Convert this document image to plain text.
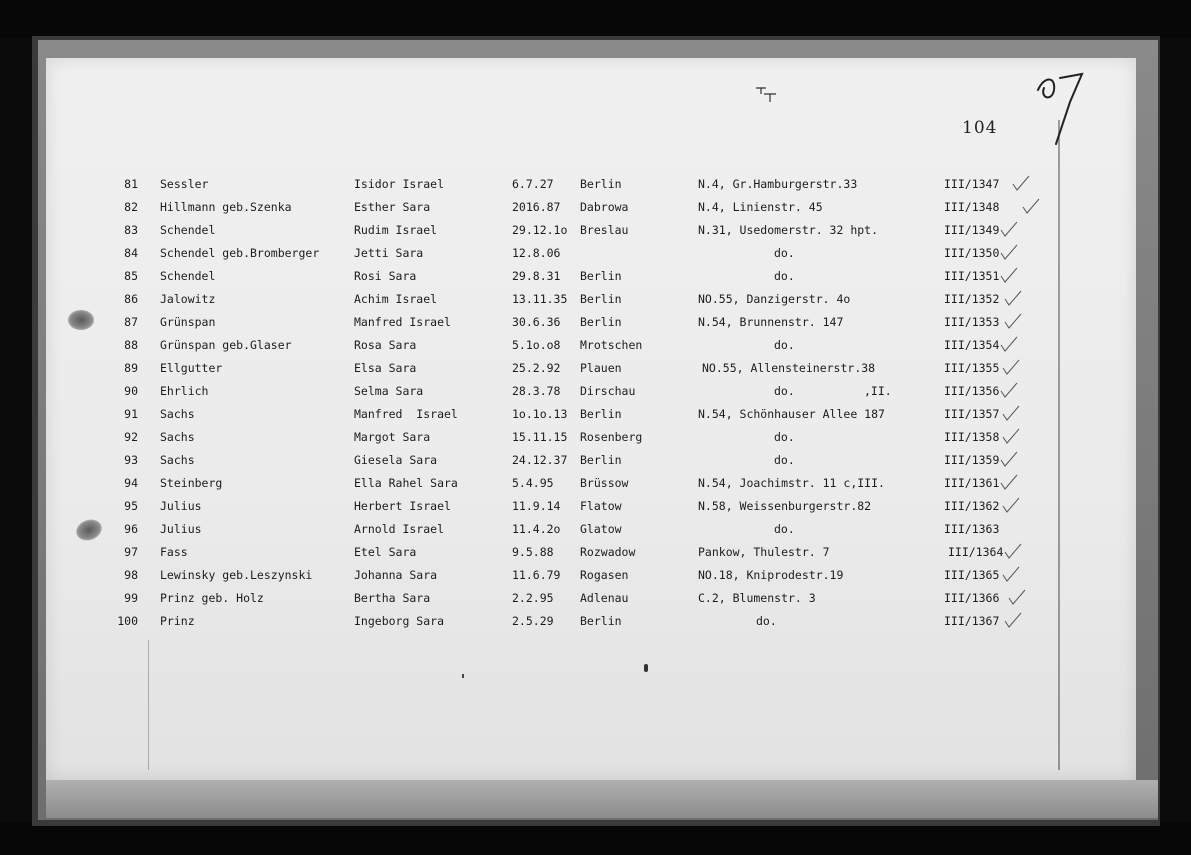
104
81 Sessler	Isidor Israel	6.7.27 Berlin	N.4, Gr.Hamburgerstr.33	III/1347
82 Hillmann geb.Szenka	Esther Sara	2016.87 Dabrowa	N.4, Linienstr. 45	III/1348
83 Schendel	Rudim Israel	29.12.1o Breslau	N.31, Usedomerstr. 32 hpt.	III/1349
84 Schendel geb.Bromberger	Jetti Sara	12.8.06	do.	III/1350
85 Schendel	Rosi Sara	29.8.31 Berlin	do.	III/1351
86 Jalowitz	Achim Israel	13.11.35 Berlin	NO.55, Danzigerstr. 4o	III/1352
87 Grünspan	Manfred Israel	30.6.36 Berlin	N.54, Brunnenstr. 147	III/1353
88 Grünspan geb.Glaser	Rosa Sara	5.1o.o8 Mrotschen	do.	III/1354
89 Ellgutter	Elsa Sara	25.2.92 Plauen	NO.55, Allensteinerstr.38	III/1355
90 Ehrlich	Selma Sara	28.3.78 Dirschau	do.          ,II.	III/1356
91 Sachs	Manfred  Israel	1o.1o.13 Berlin	N.54, Schönhauser Allee 187	III/1357
92 Sachs	Margot Sara	15.11.15 Rosenberg	do.	III/1358
93 Sachs	Giesela Sara	24.12.37 Berlin	do.	III/1359
94 Steinberg	Ella Rahel Sara	5.4.95 Brüssow	N.54, Joachimstr. 11 c,III.	III/1361
95 Julius	Herbert Israel	11.9.14 Flatow	N.58, Weissenburgerstr.82	III/1362
96 Julius	Arnold Israel	11.4.2o Glatow	do.	III/1363
97 Fass	Etel Sara	9.5.88 Rozwadow	Pankow, Thulestr. 7	III/1364
98 Lewinsky geb.Leszynski	Johanna Sara	11.6.79 Rogasen	NO.18, Kniprodestr.19	III/1365
99 Prinz geb. Holz	Bertha Sara	2.2.95 Adlenau	C.2, Blumenstr. 3	III/1366
100 Prinz	Ingeborg Sara	2.5.29 Berlin	do.	III/1367
